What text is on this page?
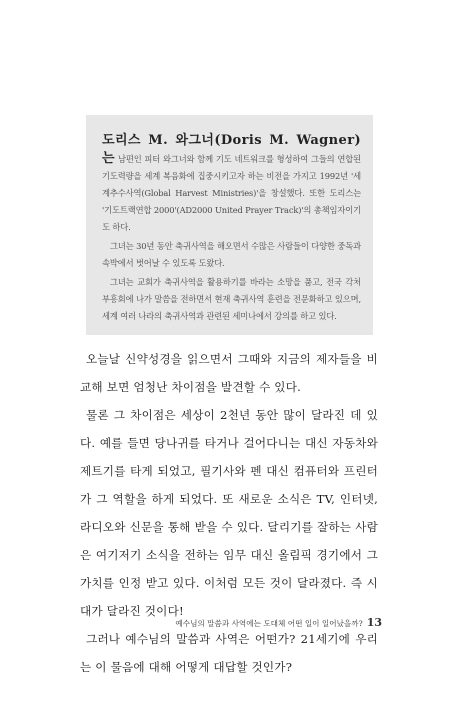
도리스 M. 와그너(Doris M. Wagner)는 남편인 피터 와그너와 함께 기도 네트워크를 형성하여 그들의 연합된 기도력량을 세계 복음화에 집중시키고자 하는 비전을 가지고 1992년 '세계추수사역(Global Harvest Ministries)'을 창설했다. 또한 도리스는 '기도트랙연합 2000'(AD2000 United Prayer Track)'의 총책임자이기도 하다.

그녀는 30년 동안 축귀사역을 해오면서 수많은 사람들이 다양한 중독과 속박에서 벗어날 수 있도록 도왔다.

그녀는 교회가 축귀사역을 활용하기를 바라는 소망을 품고, 전국 각처 부흥회에 나가 말씀을 전하면서 현재 축귀사역 훈련을 전문화하고 있으며, 세계 여러 나라의 축귀사역과 관련된 세미나에서 강의를 하고 있다.

오늘날 신약성경을 읽으면서 그때와 지금의 제자들을 비교해 보면 엄청난 차이점을 발견할 수 있다.

물론 그 차이점은 세상이 2천년 동안 많이 달라진 데 있다. 예를 들면 당나귀를 타거나 걸어다니는 대신 자동차와 제트기를 타게 되었고, 필기사와 펜 대신 컴퓨터와 프린터가 그 역할을 하게 되었다. 또 새로운 소식은 TV, 인터넷, 라디오와 신문을 통해 받을 수 있다. 달리기를 잘하는 사람은 여기저기 소식을 전하는 임무 대신 올림픽 경기에서 그 가치를 인정 받고 있다. 이처럼 모든 것이 달라졌다. 즉 시대가 달라진 것이다!

그러나 예수님의 말씀과 사역은 어떤가? 21세기에 우리는 이 물음에 대해 어떻게 대답할 것인가?

예수님의 말씀과 사역에는 도대체 어떤 일이 일어났을까? 13
